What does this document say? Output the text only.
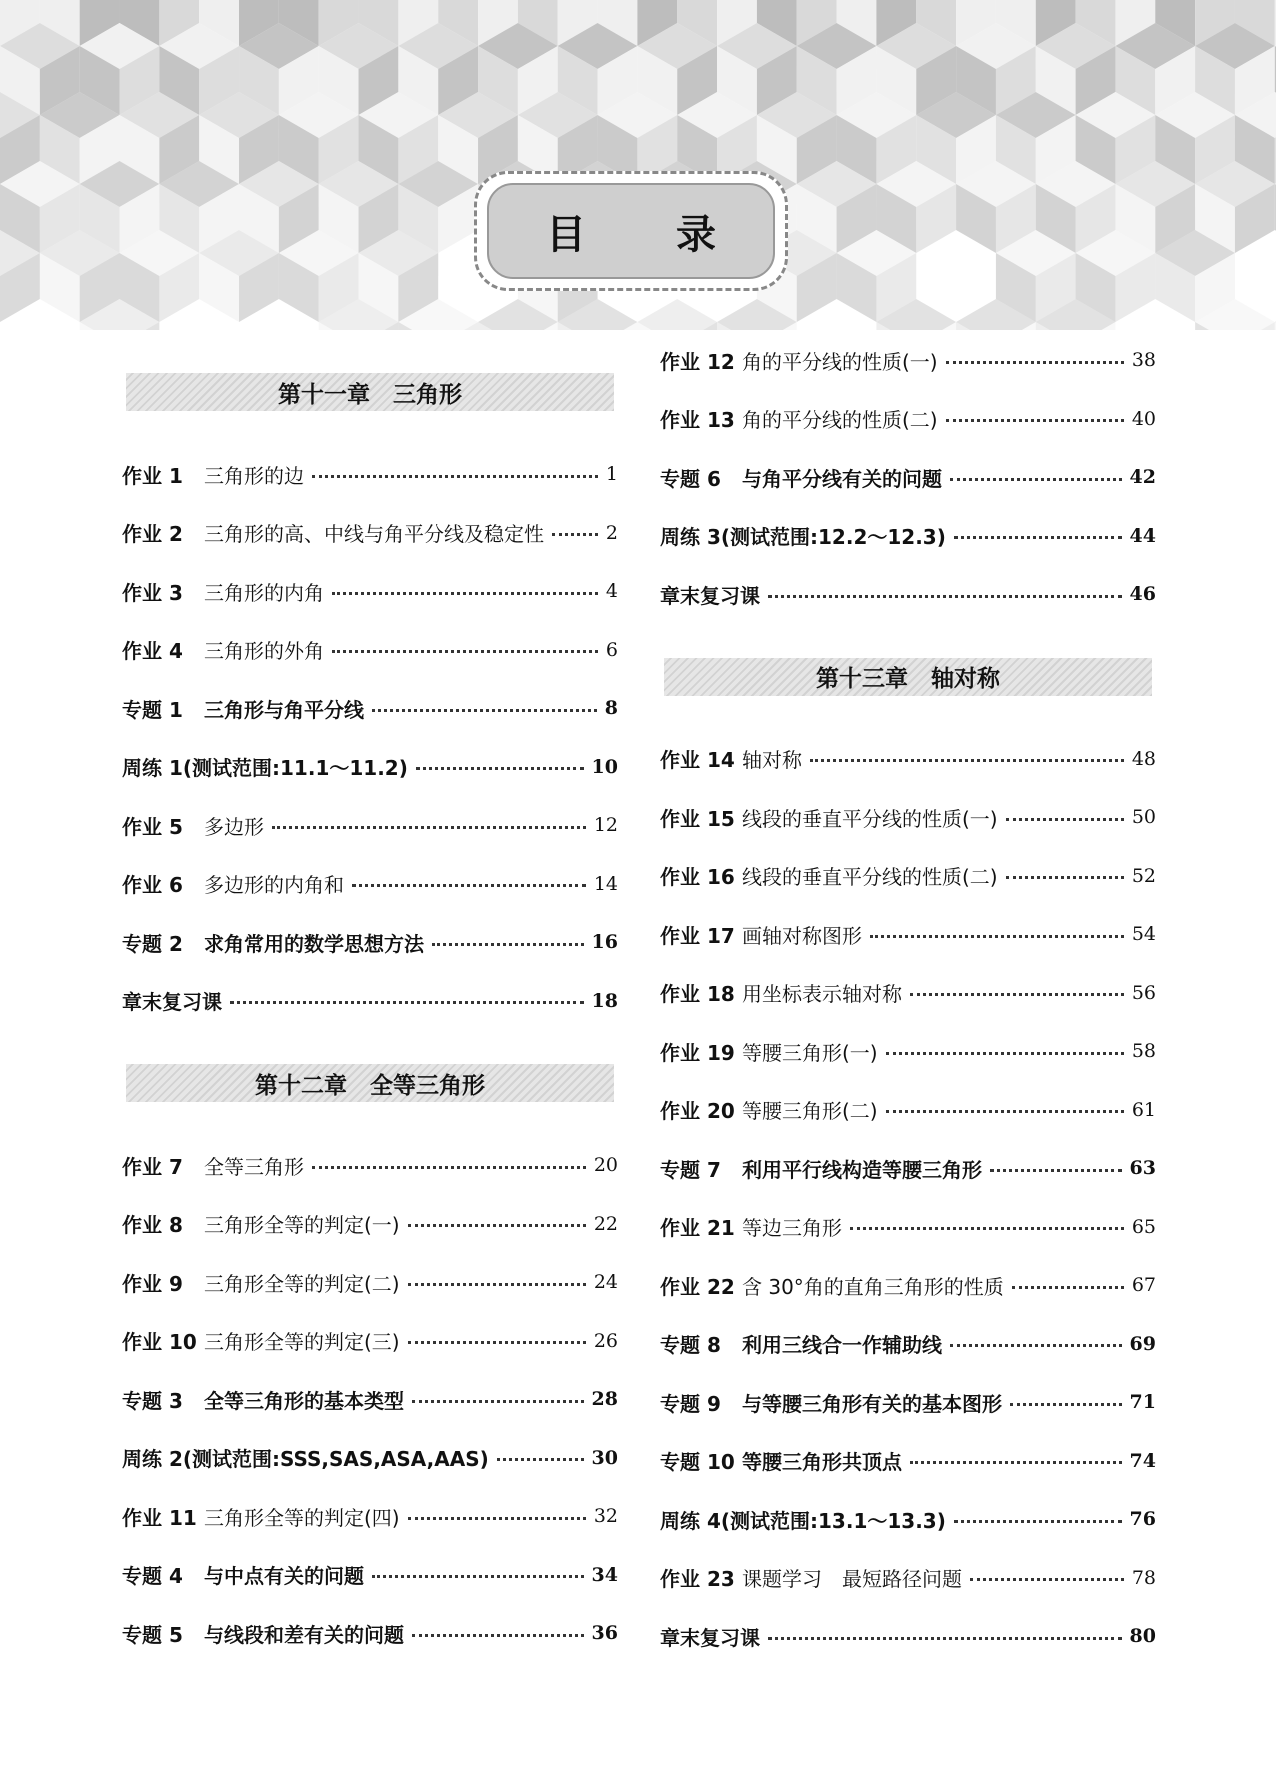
目 录
第十一章　三角形
作业 1	三角形的边	1
作业 2	三角形的高、中线与角平分线及稳定性	2
作业 3	三角形的内角	4
作业 4	三角形的外角	6
专题 1	三角形与角平分线	8
周练 1(测试范围:11.1～11.2)	10
作业 5	多边形	12
作业 6	多边形的内角和	14
专题 2	求角常用的数学思想方法	16
章末复习课	18
第十二章　全等三角形
作业 7	全等三角形	20
作业 8	三角形全等的判定(一)	22
作业 9	三角形全等的判定(二)	24
作业 10 三角形全等的判定(三)	26
专题 3	全等三角形的基本类型	28
周练 2(测试范围:SSS,SAS,ASA,AAS)	30
作业 11 三角形全等的判定(四)	32
专题 4	与中点有关的问题	34
专题 5	与线段和差有关的问题	36
作业 12 角的平分线的性质(一)	38
作业 13 角的平分线的性质(二)	40
专题 6	与角平分线有关的问题	42
周练 3(测试范围:12.2～12.3)	44
章末复习课	46
第十三章　轴对称
作业 14 轴对称	48
作业 15 线段的垂直平分线的性质(一)	50
作业 16 线段的垂直平分线的性质(二)	52
作业 17 画轴对称图形	54
作业 18 用坐标表示轴对称	56
作业 19 等腰三角形(一)	58
作业 20 等腰三角形(二)	61
专题 7	利用平行线构造等腰三角形	63
作业 21 等边三角形	65
作业 22 含 30°角的直角三角形的性质	67
专题 8	利用三线合一作辅助线	69
专题 9	与等腰三角形有关的基本图形	71
专题 10 等腰三角形共顶点	74
周练 4(测试范围:13.1～13.3)	76
作业 23 课题学习　最短路径问题	78
章末复习课	80
